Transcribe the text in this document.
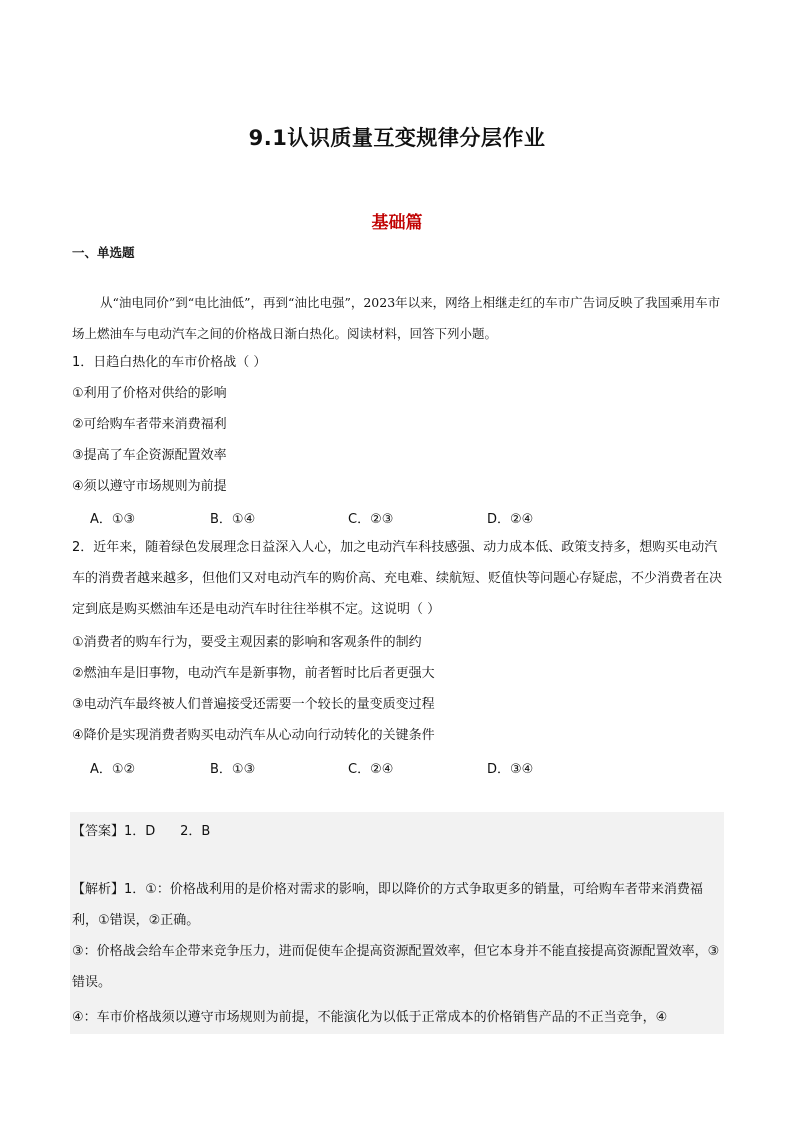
9.1认识质量互变规律分层作业
基础篇
一、单选题
从“油电同价”到“电比油低”，再到“油比电强”，2023年以来，网络上相继走红的车市广告词反映了我国乘用车市场上燃油车与电动汽车之间的价格战日渐白热化。阅读材料，回答下列小题。
1．日趋白热化的车市价格战（ ）
①利用了价格对供给的影响
②可给购车者带来消费福利
③提高了车企资源配置效率
④须以遵守市场规则为前提
A．①③	B．①④	C．②③	D．②④
2．近年来，随着绿色发展理念日益深入人心，加之电动汽车科技感强、动力成本低、政策支持多，想购买电动汽车的消费者越来越多，但他们又对电动汽车的购价高、充电难、续航短、贬值快等问题心存疑虑，不少消费者在决定到底是购买燃油车还是电动汽车时往往举棋不定。这说明（ ）
①消费者的购车行为，要受主观因素的影响和客观条件的制约
②燃油车是旧事物，电动汽车是新事物，前者暂时比后者更强大
③电动汽车最终被人们普遍接受还需要一个较长的量变质变过程
④降价是实现消费者购买电动汽车从心动向行动转化的关键条件
A．①②	B．①③	C．②④	D．③④
【答案】1．D      2．B
【解析】1．①：价格战利用的是价格对需求的影响，即以降价的方式争取更多的销量，可给购车者带来消费福利，①错误，②正确。
③：价格战会给车企带来竞争压力，进而促使车企提高资源配置效率，但它本身并不能直接提高资源配置效率，③错误。
④：车市价格战须以遵守市场规则为前提，不能演化为以低于正常成本的价格销售产品的不正当竞争，④
